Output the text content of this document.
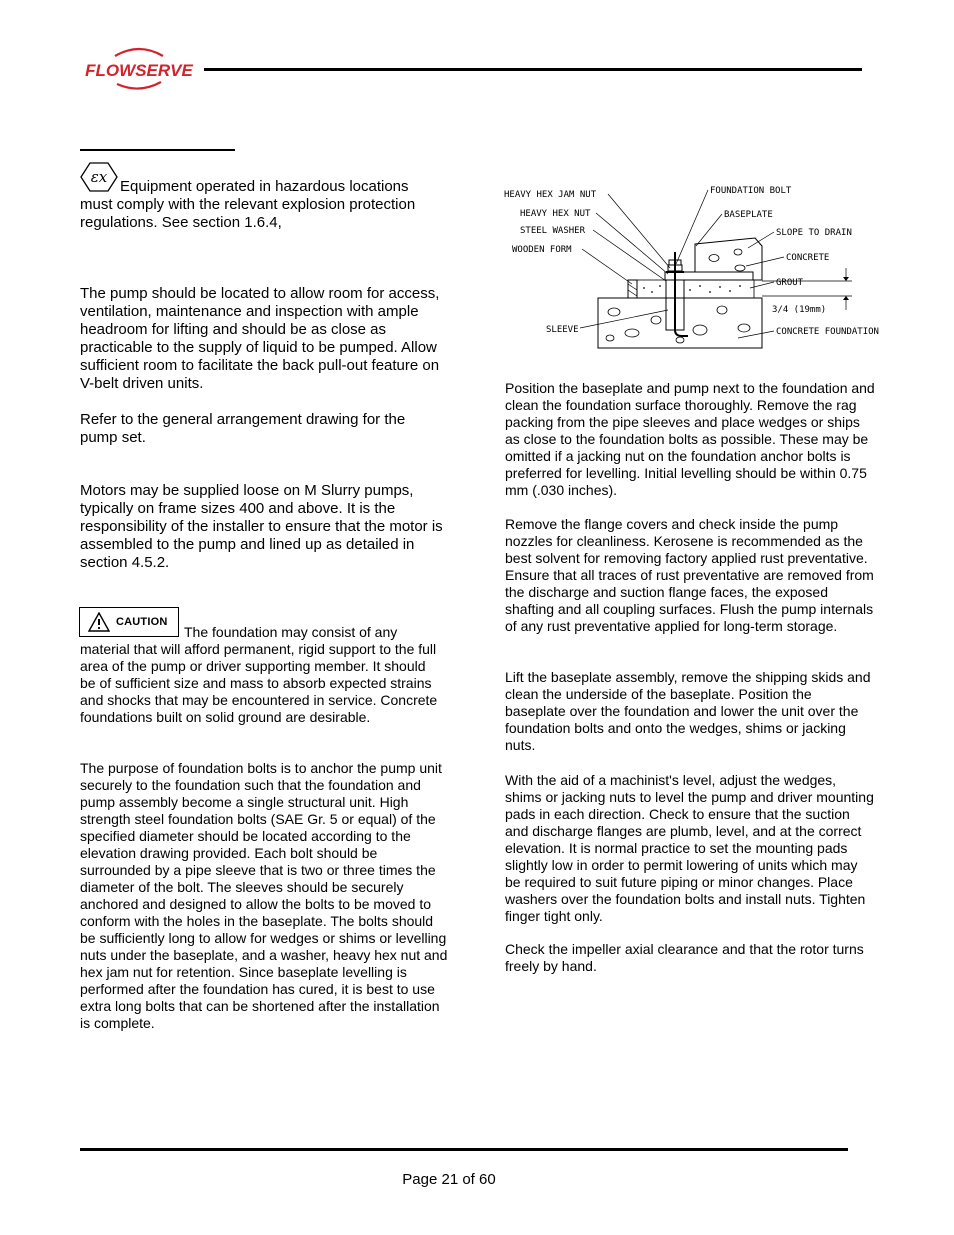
FLOWSERVE
εx

Equipment operated in hazardous locations must comply with the relevant explosion protection regulations. See section 1.6.4,

The pump should be located to allow room for access, ventilation, maintenance and inspection with ample headroom for lifting and should be as close as practicable to the supply of liquid to be pumped. Allow sufficient room to facilitate the back pull-out feature on V-belt driven units.

Refer to the general arrangement drawing for the pump set.

Motors may be supplied loose on M Slurry pumps, typically on frame sizes 400 and above. It is the responsibility of the installer to ensure that the motor is assembled to the pump and lined up as detailed in section 4.5.2.

CAUTION

The foundation may consist of any

material that will afford permanent, rigid support to the full area of the pump or driver supporting member. It should be of sufficient size and mass to absorb expected strains and shocks that may be encountered in service. Concrete foundations built on solid ground are desirable.

The purpose of foundation bolts is to anchor the pump unit securely to the foundation such that the foundation and pump assembly become a single structural unit. High strength steel foundation bolts (SAE Gr. 5 or equal) of the specified diameter should be located according to the elevation drawing provided. Each bolt should be surrounded by a pipe sleeve that is two or three times the diameter of the bolt. The sleeves should be securely anchored and designed to allow the bolts to be moved to conform with the holes in the baseplate. The bolts should be sufficiently long to allow for wedges or shims or levelling nuts under the baseplate, and a washer, heavy hex nut and hex jam nut for retention. Since baseplate levelling is performed after the foundation has cured, it is best to use extra long bolts that can be shortened after the installation is complete.

HEAVY HEX JAM NUT
HEAVY HEX NUT
STEEL WASHER
WOODEN FORM
SLEEVE
FOUNDATION BOLT
BASEPLATE
SLOPE TO DRAIN
CONCRETE
GROUT
3/4 (19mm)
CONCRETE FOUNDATION

Position the baseplate and pump next to the foundation and clean the foundation surface thoroughly. Remove the rag packing from the pipe sleeves and place wedges or ships as close to the foundation bolts as possible. These may be omitted if a jacking nut on the foundation anchor bolts is preferred for levelling. Initial levelling should be within 0.75 mm (.030 inches).

Remove the flange covers and check inside the pump nozzles for cleanliness. Kerosene is recommended as the best solvent for removing factory applied rust preventative. Ensure that all traces of rust preventative are removed from the discharge and suction flange faces, the exposed shafting and all coupling surfaces. Flush the pump internals of any rust preventative applied for long-term storage.

Lift the baseplate assembly, remove the shipping skids and clean the underside of the baseplate. Position the baseplate over the foundation and lower the unit over the foundation bolts and onto the wedges, shims or jacking nuts.

With the aid of a machinist's level, adjust the wedges, shims or jacking nuts to level the pump and driver mounting pads in each direction. Check to ensure that the suction and discharge flanges are plumb, level, and at the correct elevation. It is normal practice to set the mounting pads slightly low in order to permit lowering of units which may be required to suit future piping or minor changes. Place washers over the foundation bolts and install nuts. Tighten finger tight only.

Check the impeller axial clearance and that the rotor turns freely by hand.

Page 21 of 60
